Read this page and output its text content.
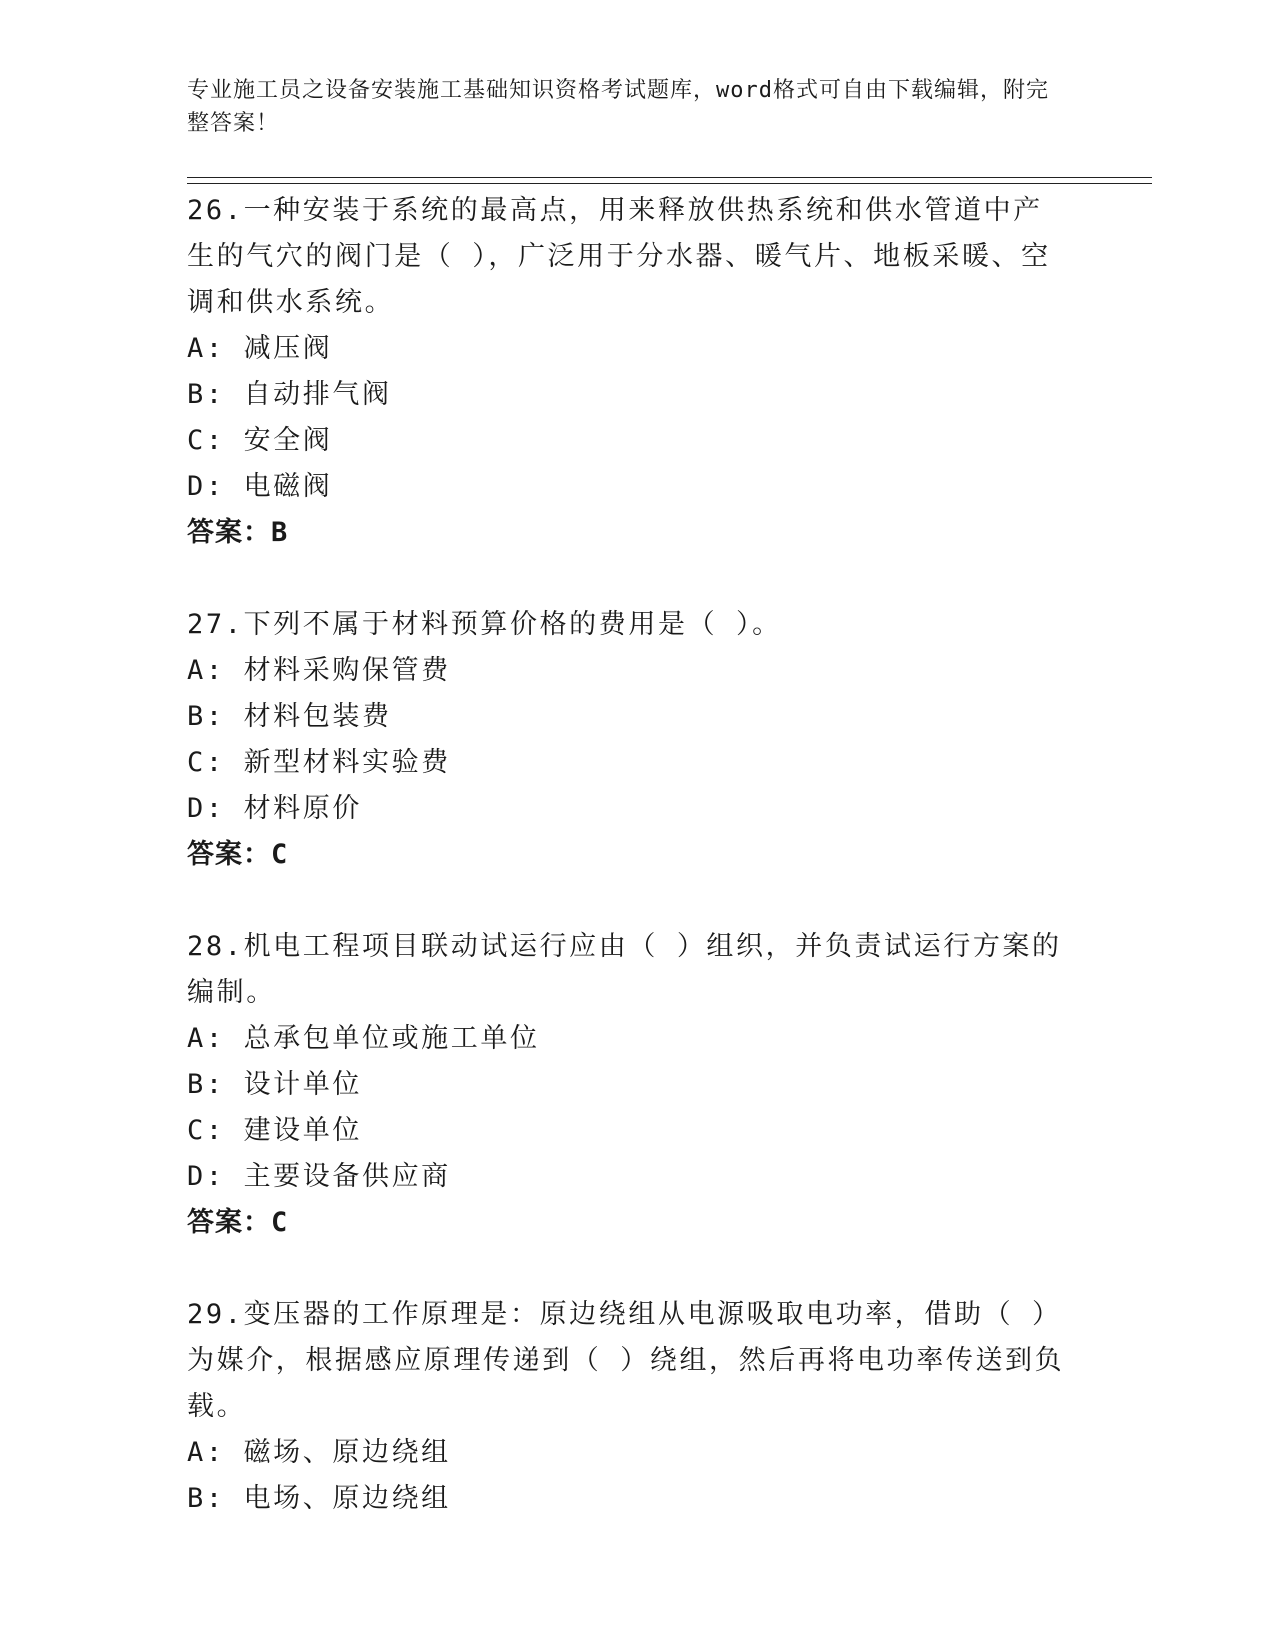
专业施工员之设备安装施工基础知识资格考试题库，word格式可自由下载编辑，附完整答案！
26.一种安装于系统的最高点，用来释放供热系统和供水管道中产生的气穴的阀门是（ ），广泛用于分水器、暖气片、地板采暖、空调和供水系统。
A: 减压阀
B: 自动排气阀
C: 安全阀
D: 电磁阀
答案：B
27.下列不属于材料预算价格的费用是（ ）。
A: 材料采购保管费
B: 材料包装费
C: 新型材料实验费
D: 材料原价
答案：C
28.机电工程项目联动试运行应由（ ）组织，并负责试运行方案的编制。
A: 总承包单位或施工单位
B: 设计单位
C: 建设单位
D: 主要设备供应商
答案：C
29.变压器的工作原理是：原边绕组从电源吸取电功率，借助（ ）为媒介，根据感应原理传递到（ ）绕组，然后再将电功率传送到负载。
A: 磁场、原边绕组
B: 电场、原边绕组
